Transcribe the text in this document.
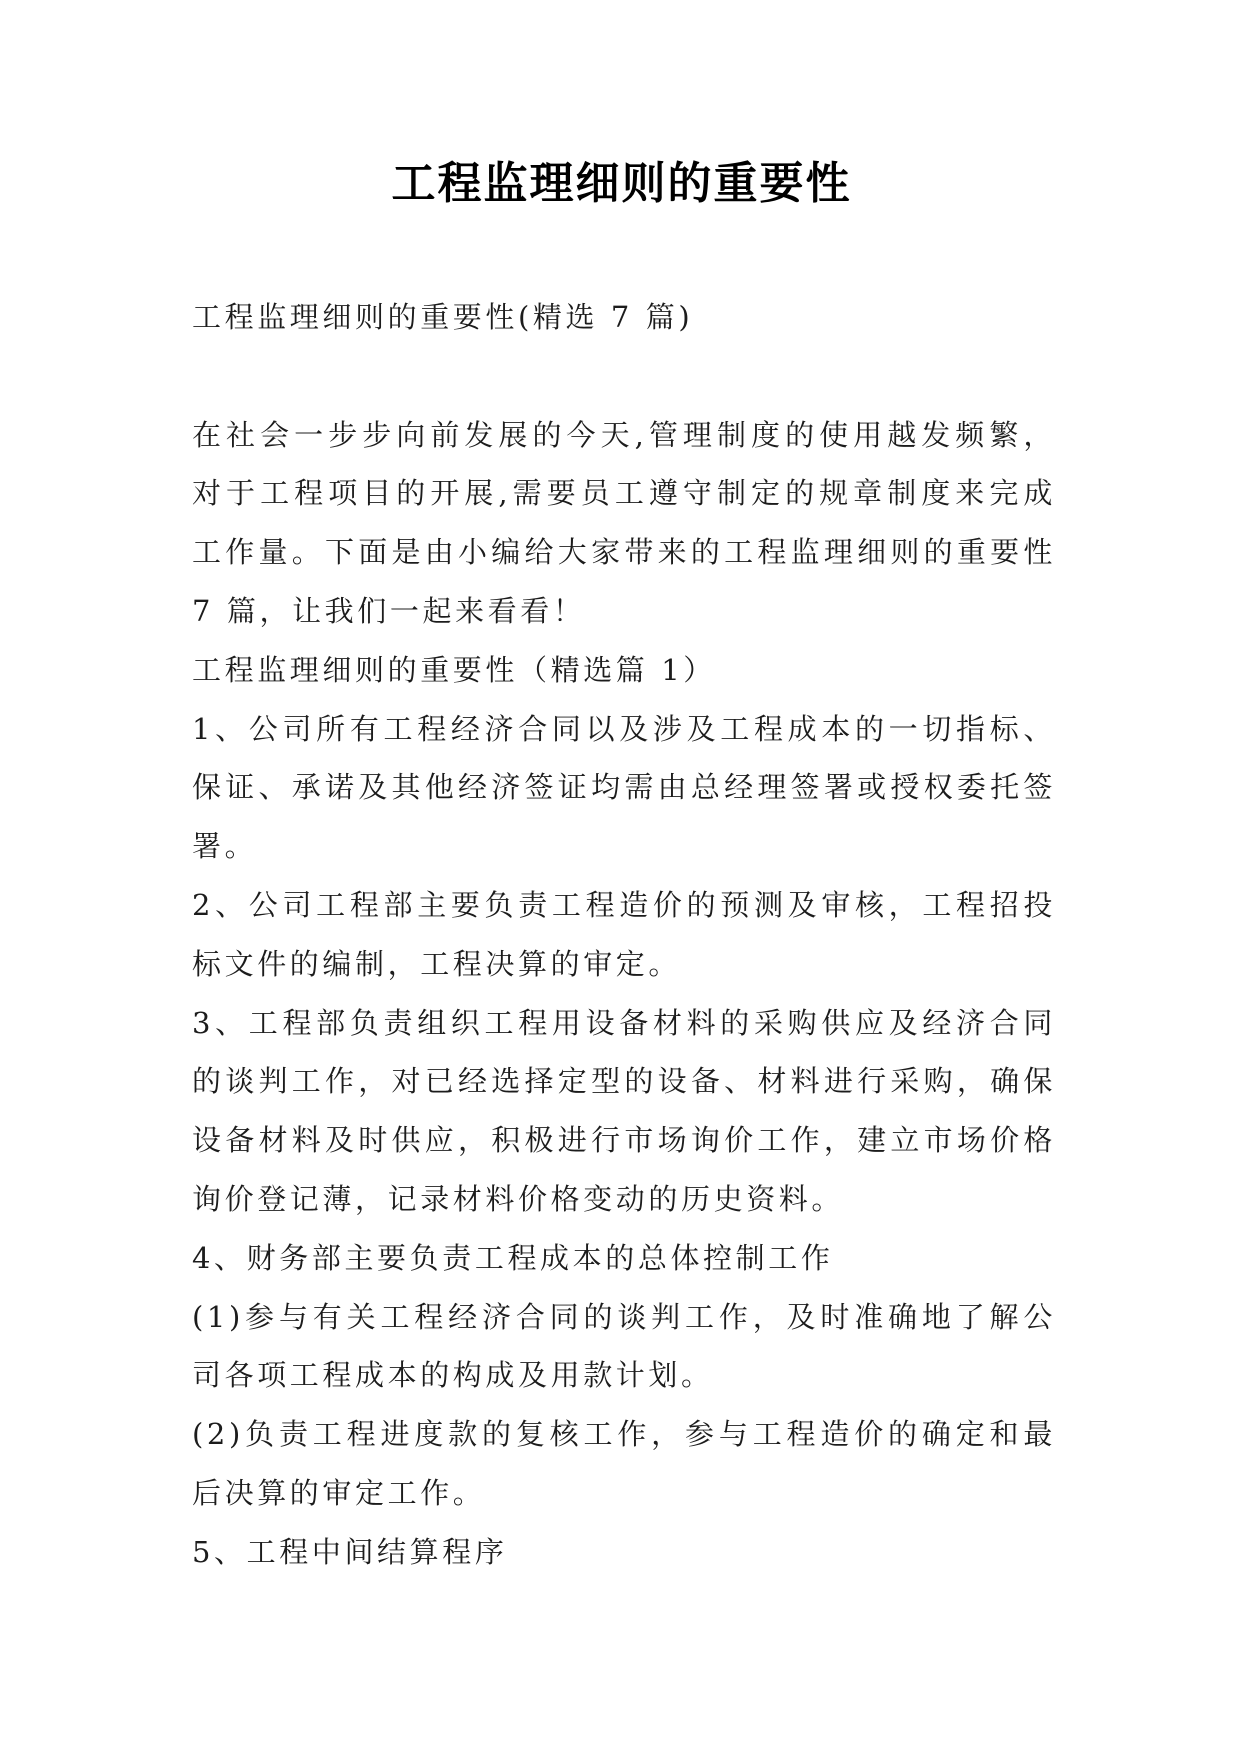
工程监理细则的重要性
工程监理细则的重要性(精选 7 篇)
在社会一步步向前发展的今天,管理制度的使用越发频繁，
对于工程项目的开展,需要员工遵守制定的规章制度来完成
工作量。下面是由小编给大家带来的工程监理细则的重要性
7 篇，让我们一起来看看！
工程监理细则的重要性（精选篇 1）
1、公司所有工程经济合同以及涉及工程成本的一切指标、
保证、承诺及其他经济签证均需由总经理签署或授权委托签
署。
2、公司工程部主要负责工程造价的预测及审核，工程招投
标文件的编制，工程决算的审定。
3、工程部负责组织工程用设备材料的采购供应及经济合同
的谈判工作，对已经选择定型的设备、材料进行采购，确保
设备材料及时供应，积极进行市场询价工作，建立市场价格
询价登记薄，记录材料价格变动的历史资料。
4、财务部主要负责工程成本的总体控制工作
(1)参与有关工程经济合同的谈判工作，及时准确地了解公
司各项工程成本的构成及用款计划。
(2)负责工程进度款的复核工作，参与工程造价的确定和最
后决算的审定工作。
5、工程中间结算程序
